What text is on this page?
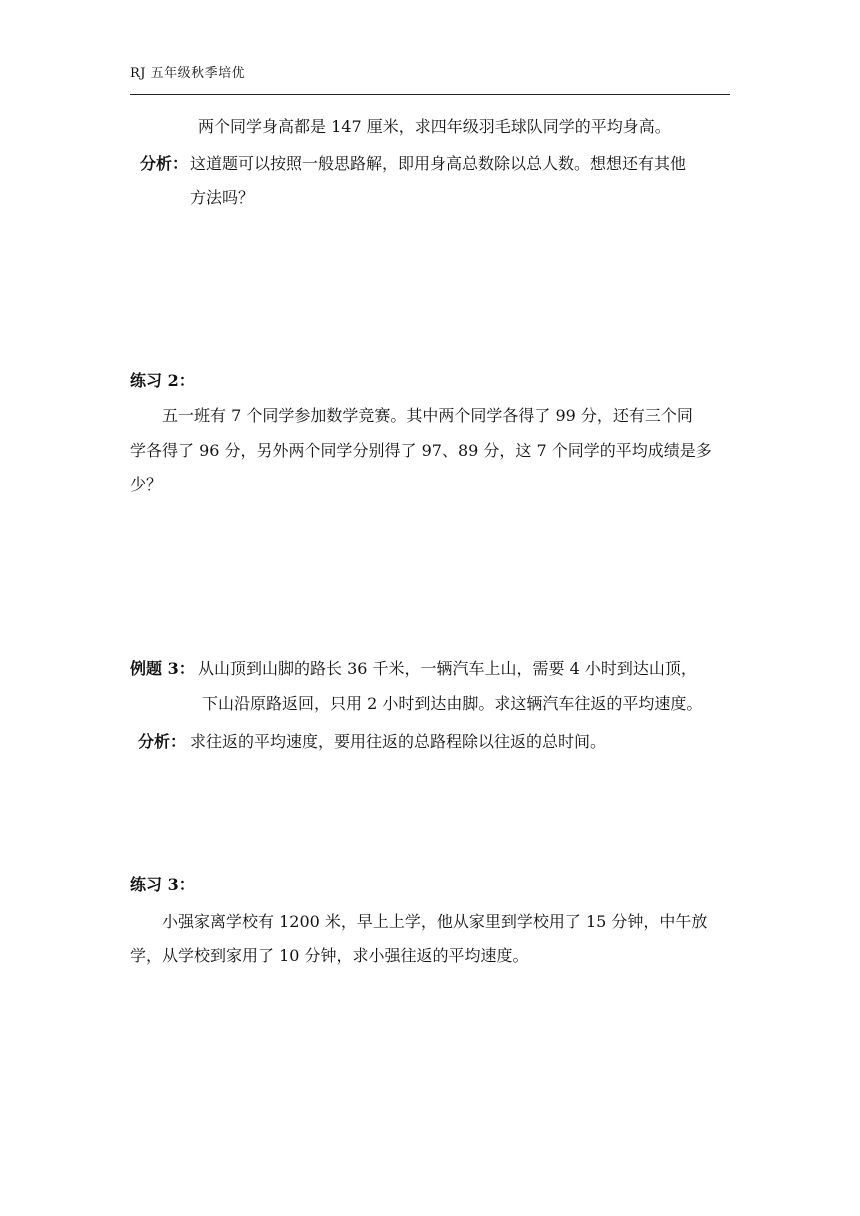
RJ 五年级秋季培优
两个同学身高都是 147 厘米，求四年级羽毛球队同学的平均身高。
分析： 这道题可以按照一般思路解，即用身高总数除以总人数。想想还有其他
方法吗？
练习 2：
五一班有 7 个同学参加数学竞赛。其中两个同学各得了 99 分，还有三个同
学各得了 96 分，另外两个同学分别得了 97、89 分，这 7 个同学的平均成绩是多
少？
例题 3： 从山顶到山脚的路长 36 千米，一辆汽车上山，需要 4 小时到达山顶，
下山沿原路返回，只用 2 小时到达由脚。求这辆汽车往返的平均速度。
分析： 求往返的平均速度，要用往返的总路程除以往返的总时间。
练习 3：
小强家离学校有 1200 米，早上上学，他从家里到学校用了 15 分钟，中午放
学，从学校到家用了 10 分钟，求小强往返的平均速度。
